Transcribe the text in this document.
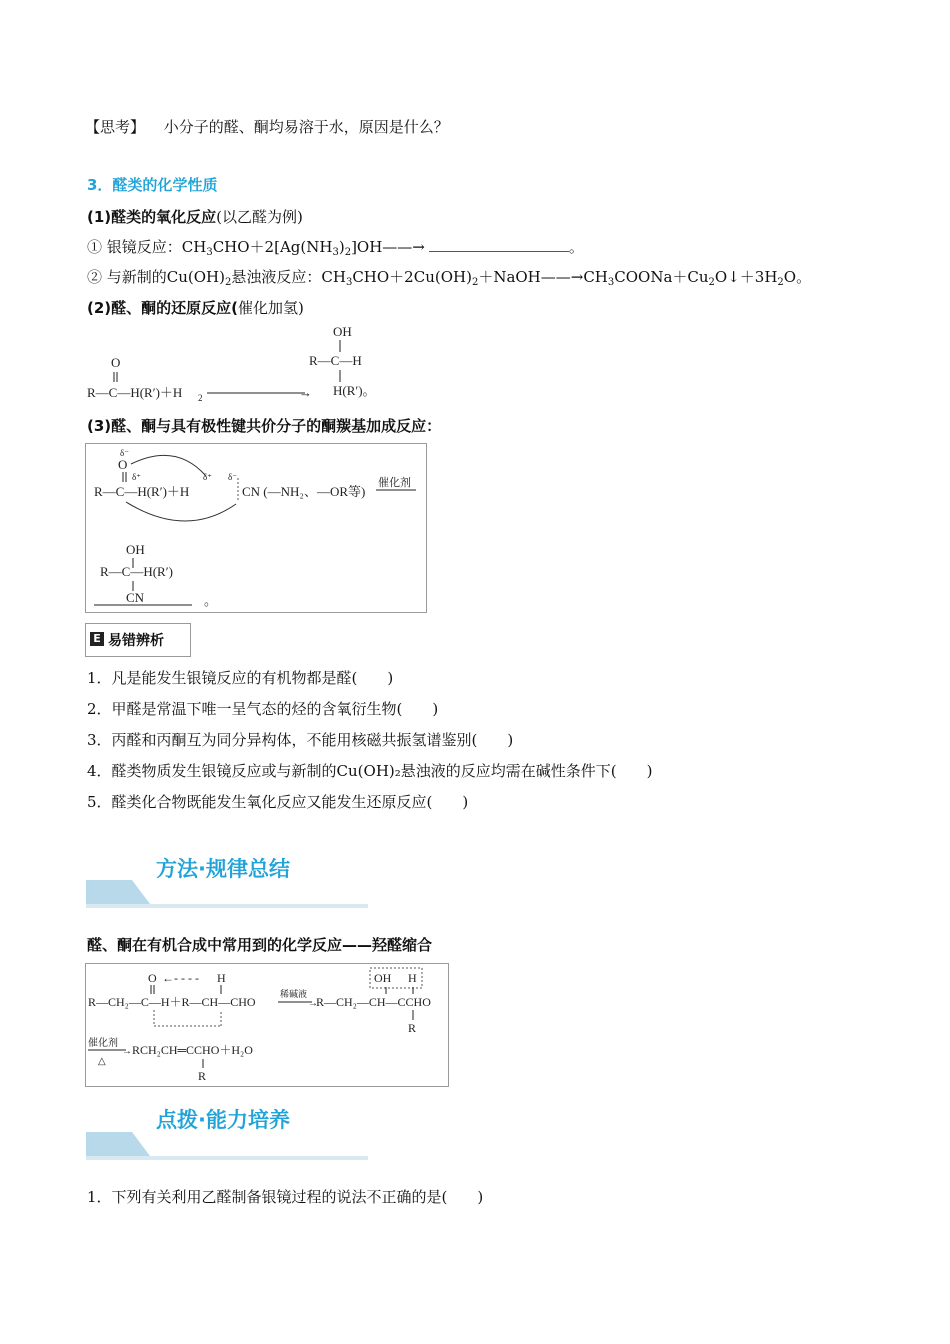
【思考】 小分子的醛、酮均易溶于水，原因是什么？
3．醛类的化学性质
(1)醛类的氧化反应(以乙醛为例)
① 银镜反应：$CH_3CHO+2[Ag(NH_3)_2]OH——\to$	。
② 与新制的$Cu(OH)_2$悬浊液反应：$CH_3CHO+2Cu(OH)_2+NaOH——\to CH_3COONa+Cu_2O↓+3H_2O$。
(2)醛、酮的还原反应(催化加氢)
O
R—C—H(R′)＋H 2	→
OH
R—C—H
H(R′)。
(3)醛、酮与具有极性键共价分子的酮羰基加成反应：
δ⁻
O
δ⁺
R—C—H(R′)＋H	CN (—NH₂、—OR等)
δ⁺ δ⁻	催化剂
OH
R—C—H(R′)
CN	。
E 易错辨析
1．凡是能发生银镜反应的有机物都是醛(　　)
2．甲醛是常温下唯一呈气态的烃的含氧衍生物(　　)
3．丙醛和丙酮互为同分异构体，不能用核磁共振氢谱鉴别(　　)
4．醛类物质发生银镜反应或与新制的Cu(OH)₂悬浊液的反应均需在碱性条件下(　　)
5．醛类化合物既能发生氧化反应又能发生还原反应(　　)
方法·规律总结
醛、酮在有机合成中常用到的化学反应——羟醛缩合
O ←- - - - H
R—CH₂—C—H＋R—CH—CHO	→
稀碱液
R—CH₂—CH—CCHO
OH H
R
催化剂
→
△
RCH₂CH═CCHO＋H₂O
R
点拨·能力培养
1．下列有关利用乙醛制备银镜过程的说法不正确的是(　　)
